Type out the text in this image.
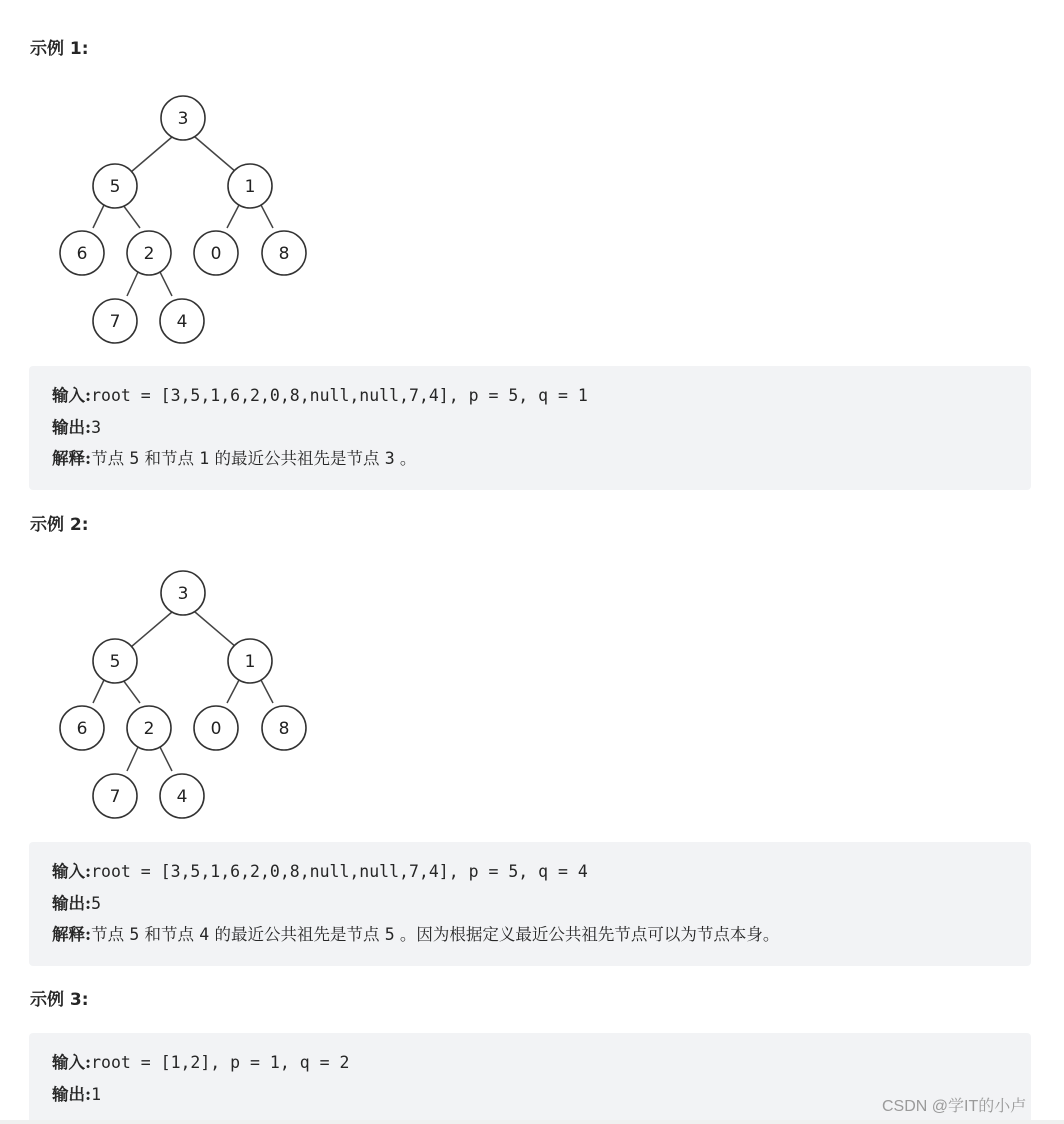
示例 1:
3
5	1
6	2	0	8
7	4
输入:root = [3,5,1,6,2,0,8,null,null,7,4], p = 5, q = 1
输出:3
解释:节点 5 和节点 1 的最近公共祖先是节点 3 。
示例 2:
3
5	1
6	2	0	8
7	4
输入:root = [3,5,1,6,2,0,8,null,null,7,4], p = 5, q = 4
输出:5
解释:节点 5 和节点 4 的最近公共祖先是节点 5 。因为根据定义最近公共祖先节点可以为节点本身。
示例 3:
输入:root = [1,2], p = 1, q = 2
输出:1
CSDN @学IT的小卢
